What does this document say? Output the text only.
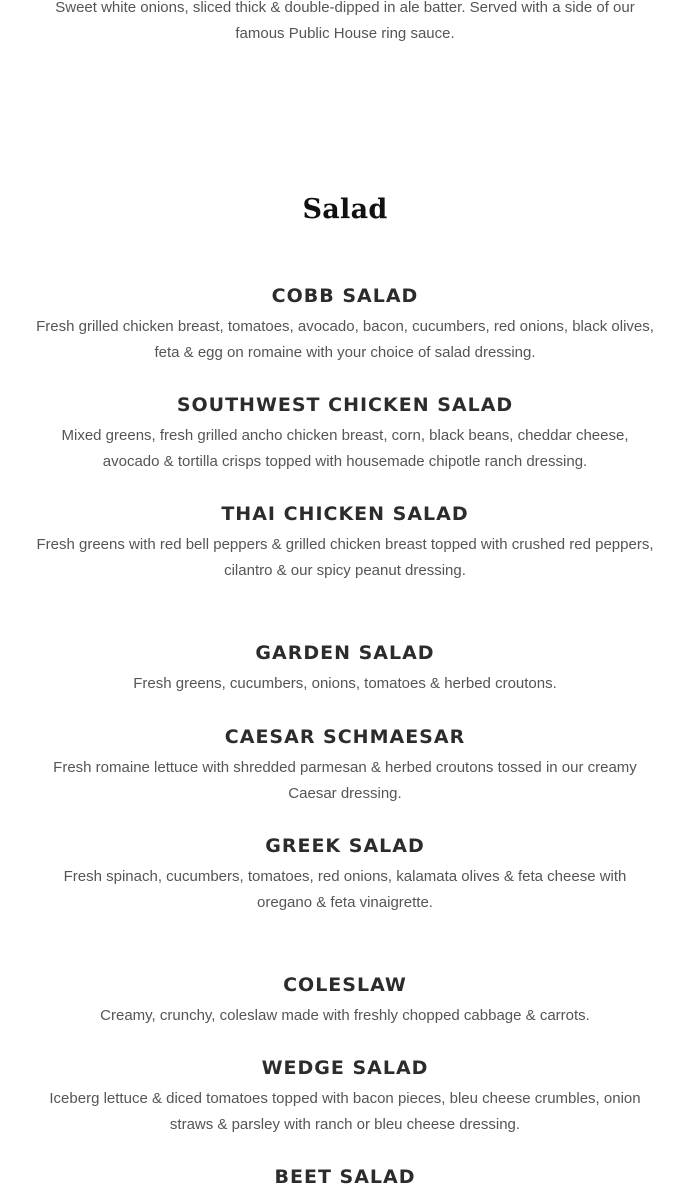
Sweet white onions, sliced thick & double-dipped in ale batter. Served with a side of our famous Public House ring sauce.

Salad
COBB SALAD

Fresh grilled chicken breast, tomatoes, avocado, bacon, cucumbers, red onions, black olives, feta & egg on romaine with your choice of salad dressing.

SOUTHWEST CHICKEN SALAD

Mixed greens, fresh grilled ancho chicken breast, corn, black beans, cheddar cheese, avocado & tortilla crisps topped with housemade chipotle ranch dressing.

THAI CHICKEN SALAD

Fresh greens with red bell peppers & grilled chicken breast topped with crushed red peppers, cilantro & our spicy peanut dressing.

GARDEN SALAD

Fresh greens, cucumbers, onions, tomatoes & herbed croutons.

CAESAR SCHMAESAR

Fresh romaine lettuce with shredded parmesan & herbed croutons tossed in our creamy Caesar dressing.

GREEK SALAD

Fresh spinach, cucumbers, tomatoes, red onions, kalamata olives & feta cheese with oregano & feta vinaigrette.

COLESLAW

Creamy, crunchy, coleslaw made with freshly chopped cabbage & carrots.

WEDGE SALAD

Iceberg lettuce & diced tomatoes topped with bacon pieces, bleu cheese crumbles, onion straws & parsley with ranch or bleu cheese dressing.

BEET SALAD
